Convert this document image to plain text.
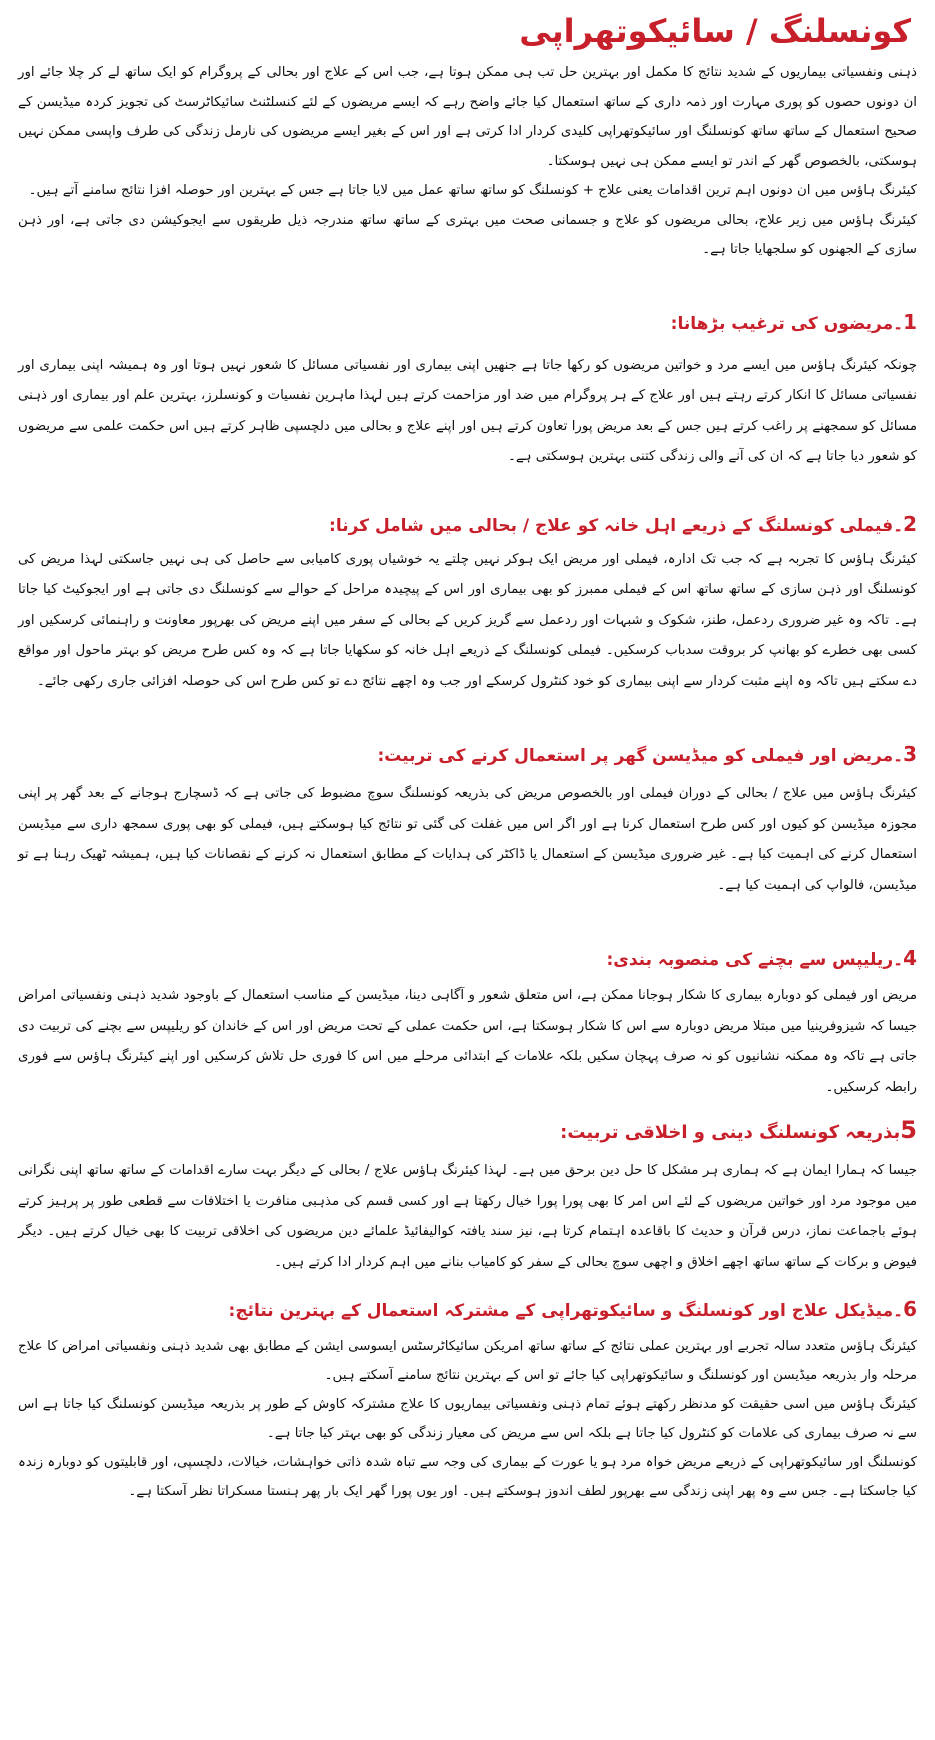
کونسلنگ / سائیکوتھراپی

ذہنی ونفسیاتی بیماریوں کے شدید نتائج کا مکمل اور بہترین حل تب ہی ممکن ہوتا ہے، جب اس کے علاج اور بحالی کے پروگرام کو ایک ساتھ لے کر چلا جائے اور ان دونوں حصوں کو پوری مہارت اور ذمہ داری کے ساتھ استعمال کیا جائے واضح رہے کہ ایسے مریضوں کے لئے کنسلٹنٹ سائیکاٹرسٹ کی تجویز کردہ میڈیسن کے صحیح استعمال کے ساتھ ساتھ کونسلنگ اور سائیکوتھراپی کلیدی کردار ادا کرتی ہے اور اس کے بغیر ایسے مریضوں کی نارمل زندگی کی طرف واپسی ممکن نہیں ہوسکتی، بالخصوص گھر کے اندر تو ایسے ممکن ہی نہیں ہوسکتا۔

کیئرنگ ہاؤس میں ان دونوں اہم ترین اقدامات یعنی علاج + کونسلنگ کو ساتھ ساتھ عمل میں لایا جاتا ہے جس کے بہترین اور حوصلہ افزا نتائج سامنے آتے ہیں۔

کیئرنگ ہاؤس میں زیر علاج، بحالی مریضوں کو علاج و جسمانی صحت میں بہتری کے ساتھ ساتھ مندرجہ ذیل طریقوں سے ایجوکیشن دی جاتی ہے، اور ذہن سازی کے الجھنوں کو سلجھایا جاتا ہے۔

1۔مریضوں کی ترغیب بڑھانا:

چونکہ کیئرنگ ہاؤس میں ایسے مرد و خواتین مریضوں کو رکھا جاتا ہے جنھیں اپنی بیماری اور نفسیاتی مسائل کا شعور نہیں ہوتا اور وہ ہمیشہ اپنی بیماری اور نفسیاتی مسائل کا انکار کرتے رہتے ہیں اور علاج کے ہر پروگرام میں ضد اور مزاحمت کرتے ہیں لہذا ماہرین نفسیات و کونسلرز، بہترین علم اور بیماری اور ذہنی مسائل کو سمجھنے پر راغب کرتے ہیں جس کے بعد مریض پورا تعاون کرتے ہیں اور اپنے علاج و بحالی میں دلچسپی ظاہر کرتے ہیں اس حکمت علمی سے مریضوں کو شعور دیا جاتا ہے کہ ان کی آنے والی زندگی کتنی بہترین ہوسکتی ہے۔

2۔فیملی کونسلنگ کے ذریعے اہل خانہ کو علاج / بحالی میں شامل کرنا:

کیئرنگ ہاؤس کا تجربہ ہے کہ جب تک ادارہ، فیملی اور مریض ایک ہوکر نہیں چلتے یہ خوشیاں پوری کامیابی سے حاصل کی ہی نہیں جاسکتی لہذا مریض کی کونسلنگ اور ذہن سازی کے ساتھ ساتھ اس کے فیملی ممبرز کو بھی بیماری اور اس کے پیچیدہ مراحل کے حوالے سے کونسلنگ دی جاتی ہے اور ایجوکیٹ کیا جاتا ہے۔ تاکہ وہ غیر ضروری ردعمل، طنز، شکوک و شبہات اور ردعمل سے گریز کریں کے بحالی کے سفر میں اپنے مریض کی بھرپور معاونت و راہنمائی کرسکیں اور کسی بھی خطرے کو بھانپ کر بروقت سدباب کرسکیں۔ فیملی کونسلنگ کے ذریعے اہل خانہ کو سکھایا جاتا ہے کہ وہ کس طرح مریض کو بہتر ماحول اور مواقع دے سکتے ہیں تاکہ وہ اپنے مثبت کردار سے اپنی بیماری کو خود کنٹرول کرسکے اور جب وہ اچھے نتائج دے تو کس طرح اس کی حوصلہ افزائی جاری رکھی جائے۔

3۔مریض اور فیملی کو میڈیسن گھر پر استعمال کرنے کی تربیت:

کیئرنگ ہاؤس میں علاج / بحالی کے دوران فیملی اور بالخصوص مریض کی بذریعہ کونسلنگ سوچ مضبوط کی جاتی ہے کہ ڈسچارج ہوجانے کے بعد گھر پر اپنی مجوزہ میڈیسن کو کیوں اور کس طرح استعمال کرنا ہے اور اگر اس میں غفلت کی گئی تو نتائج کیا ہوسکتے ہیں، فیملی کو بھی پوری سمجھ داری سے میڈیسن استعمال کرنے کی اہمیت کیا ہے۔ غیر ضروری میڈیسن کے استعمال یا ڈاکٹر کی ہدایات کے مطابق استعمال نہ کرنے کے نقصانات کیا ہیں، ہمیشہ ٹھیک رہنا ہے تو میڈیسن، فالواپ کی اہمیت کیا ہے۔

4۔ریلیپس سے بچنے کی منصوبہ بندی:

مریض اور فیملی کو دوبارہ بیماری کا شکار ہوجانا ممکن ہے، اس متعلق شعور و آگاہی دینا، میڈیسن کے مناسب استعمال کے باوجود شدید ذہنی ونفسیاتی امراض جیسا کہ شیزوفرینیا میں مبتلا مریض دوبارہ سے اس کا شکار ہوسکتا ہے، اس حکمت عملی کے تحت مریض اور اس کے خاندان کو ریلیپس سے بچنے کی تربیت دی جاتی ہے تاکہ وہ ممکنہ نشانیوں کو نہ صرف پہچان سکیں بلکہ علامات کے ابتدائی مرحلے میں اس کا فوری حل تلاش کرسکیں اور اپنے کیئرنگ ہاؤس سے فوری رابطہ کرسکیں۔

5بذریعہ کونسلنگ دینی و اخلاقی تربیت:

جیسا کہ ہمارا ایمان ہے کہ ہماری ہر مشکل کا حل دین برحق میں ہے۔ لہذا کیئرنگ ہاؤس علاج / بحالی کے دیگر بہت سارے اقدامات کے ساتھ ساتھ اپنی نگرانی میں موجود مرد اور خواتین مریضوں کے لئے اس امر کا بھی پورا پورا خیال رکھتا ہے اور کسی قسم کی مذہبی منافرت یا اختلافات سے قطعی طور پر پرہیز کرتے ہوئے باجماعت نماز، درس قرآن و حدیث کا باقاعدہ اہتمام کرتا ہے، نیز سند یافتہ کوالیفائیڈ علمائے دین مریضوں کی اخلاقی تربیت کا بھی خیال کرتے ہیں۔ دیگر فیوض و برکات کے ساتھ ساتھ اچھے اخلاق و اچھی سوچ بحالی کے سفر کو کامیاب بنانے میں اہم کردار ادا کرتے ہیں۔

6۔میڈیکل علاج اور کونسلنگ و سائیکوتھراپی کے مشترکہ استعمال کے بہترین نتائج:

کیئرنگ ہاؤس متعدد سالہ تجربے اور بہترین عملی نتائج کے ساتھ ساتھ امریکن سائیکاٹرسٹس ایسوسی ایشن کے مطابق بھی شدید ذہنی ونفسیاتی امراض کا علاج مرحلہ وار بذریعہ میڈیسن اور کونسلنگ و سائیکوتھراپی کیا جائے تو اس کے بہترین نتائج سامنے آسکتے ہیں۔
کیئرنگ ہاؤس میں اسی حقیقت کو مدنظر رکھتے ہوئے تمام ذہنی ونفسیاتی بیماریوں کا علاج مشترکہ کاوش کے طور پر بذریعہ میڈیسن کونسلنگ کیا جاتا ہے اس سے نہ صرف بیماری کی علامات کو کنٹرول کیا جاتا ہے بلکہ اس سے مریض کی معیار زندگی کو بھی بہتر کیا جاتا ہے۔
کونسلنگ اور سائیکوتھراپی کے ذریعے مریض خواہ مرد ہو یا عورت کے بیماری کی وجہ سے تباہ شدہ ذاتی خواہشات، خیالات، دلچسپی، اور قابلیتوں کو دوبارہ زندہ کیا جاسکتا ہے۔ جس سے وہ پھر اپنی زندگی سے بھرپور لطف اندوز ہوسکتے ہیں۔ اور یوں پورا گھر ایک بار پھر ہنستا مسکراتا نظر آسکتا ہے۔
